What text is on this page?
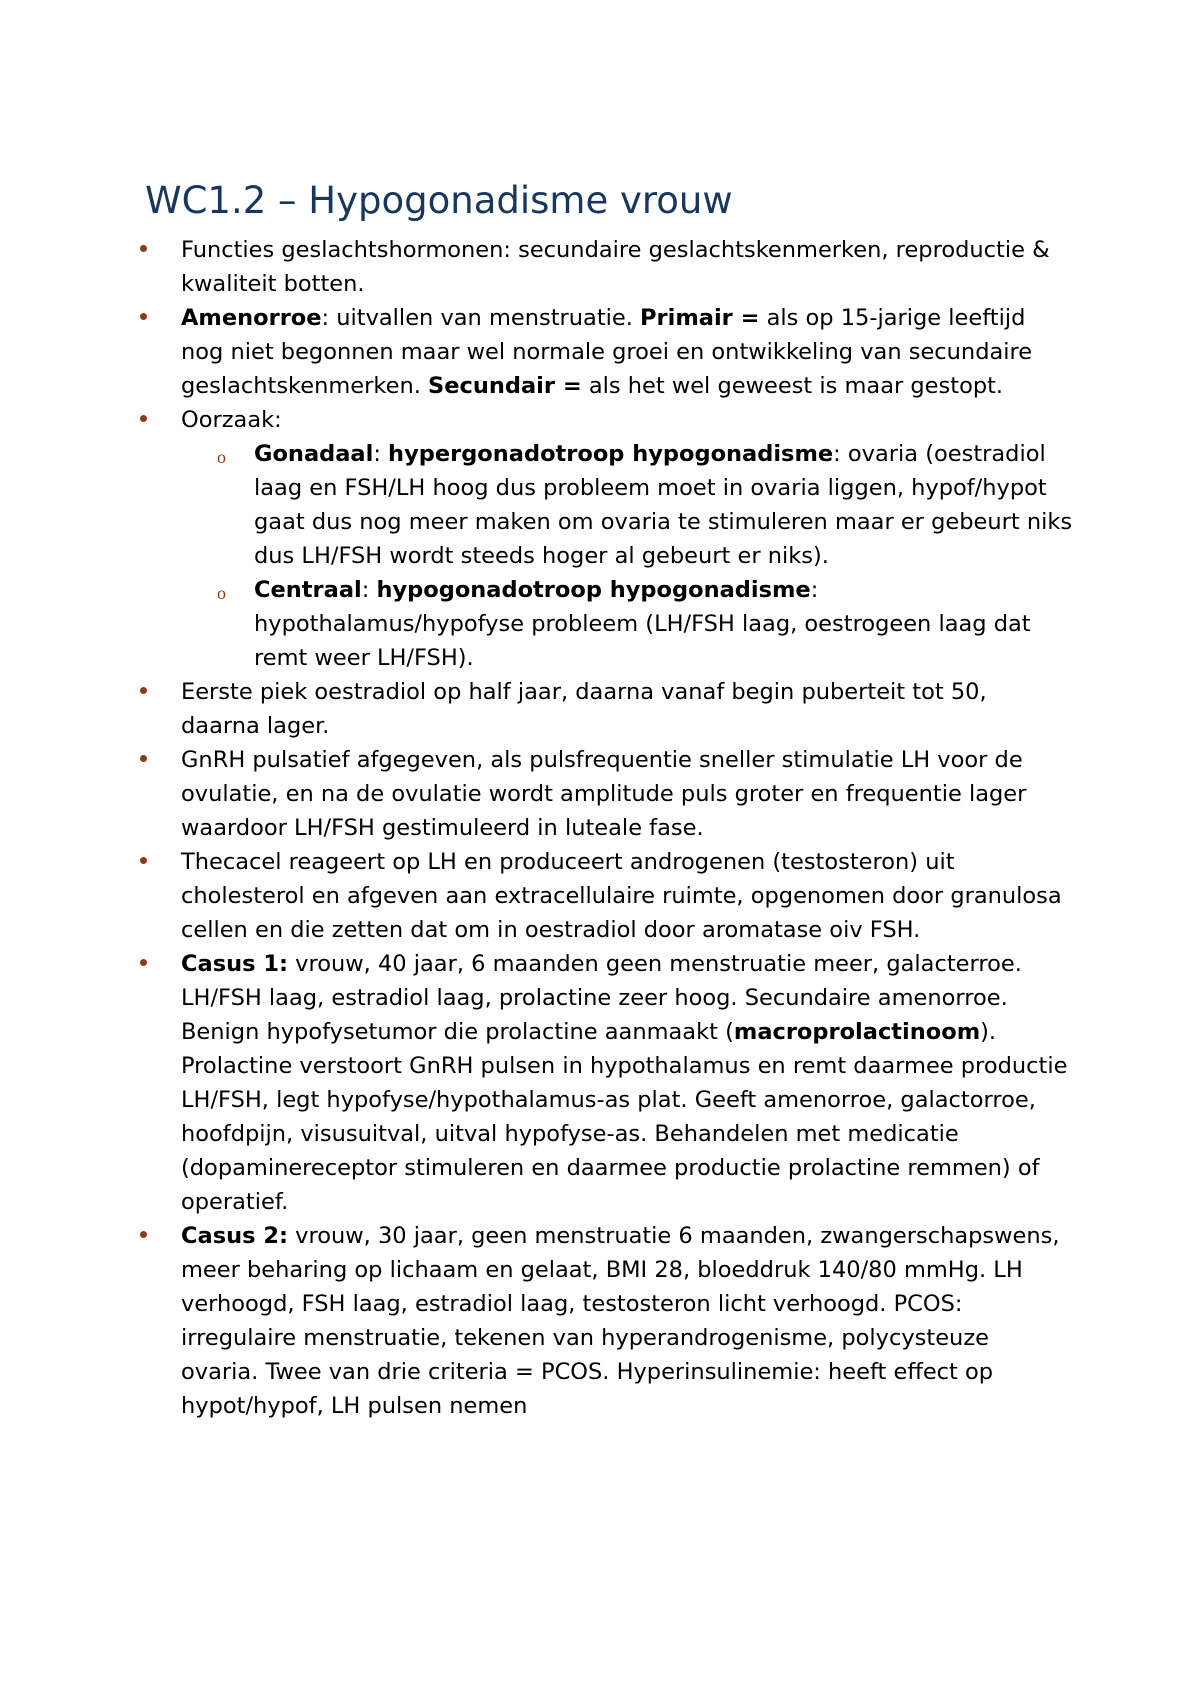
WC1.2 – Hypogonadisme vrouw
Functies geslachtshormonen: secundaire geslachtskenmerken, reproductie & kwaliteit botten.
Amenorroe: uitvallen van menstruatie. Primair = als op 15-jarige leeftijd nog niet begonnen maar wel normale groei en ontwikkeling van secundaire geslachtskenmerken. Secundair = als het wel geweest is maar gestopt.
Oorzaak:
o Gonadaal: hypergonadotroop hypogonadisme: ovaria (oestradiol laag en FSH/LH hoog dus probleem moet in ovaria liggen, hypof/hypot gaat dus nog meer maken om ovaria te stimuleren maar er gebeurt niks dus LH/FSH wordt steeds hoger al gebeurt er niks).
o Centraal: hypogonadotroop hypogonadisme: hypothalamus/hypofyse probleem (LH/FSH laag, oestrogeen laag dat remt weer LH/FSH).
Eerste piek oestradiol op half jaar, daarna vanaf begin puberteit tot 50, daarna lager.
GnRH pulsatief afgegeven, als pulsfrequentie sneller stimulatie LH voor de ovulatie, en na de ovulatie wordt amplitude puls groter en frequentie lager waardoor LH/FSH gestimuleerd in luteale fase.
Thecacel reageert op LH en produceert androgenen (testosteron) uit cholesterol en afgeven aan extracellulaire ruimte, opgenomen door granulosa cellen en die zetten dat om in oestradiol door aromatase oiv FSH.
Casus 1: vrouw, 40 jaar, 6 maanden geen menstruatie meer, galacterroe. LH/FSH laag, estradiol laag, prolactine zeer hoog. Secundaire amenorroe. Benign hypofysetumor die prolactine aanmaakt (macroprolactinoom). Prolactine verstoort GnRH pulsen in hypothalamus en remt daarmee productie LH/FSH, legt hypofyse/hypothalamus-as plat. Geeft amenorroe, galactorroe, hoofdpijn, visusuitval, uitval hypofyse-as. Behandelen met medicatie (dopaminereceptor stimuleren en daarmee productie prolactine remmen) of operatief.
Casus 2: vrouw, 30 jaar, geen menstruatie 6 maanden, zwangerschapswens, meer beharing op lichaam en gelaat, BMI 28, bloeddruk 140/80 mmHg. LH verhoogd, FSH laag, estradiol laag, testosteron licht verhoogd. PCOS: irregulaire menstruatie, tekenen van hyperandrogenisme, polycysteuze ovaria. Twee van drie criteria = PCOS. Hyperinsulinemie: heeft effect op hypot/hypof, LH pulsen nemen
